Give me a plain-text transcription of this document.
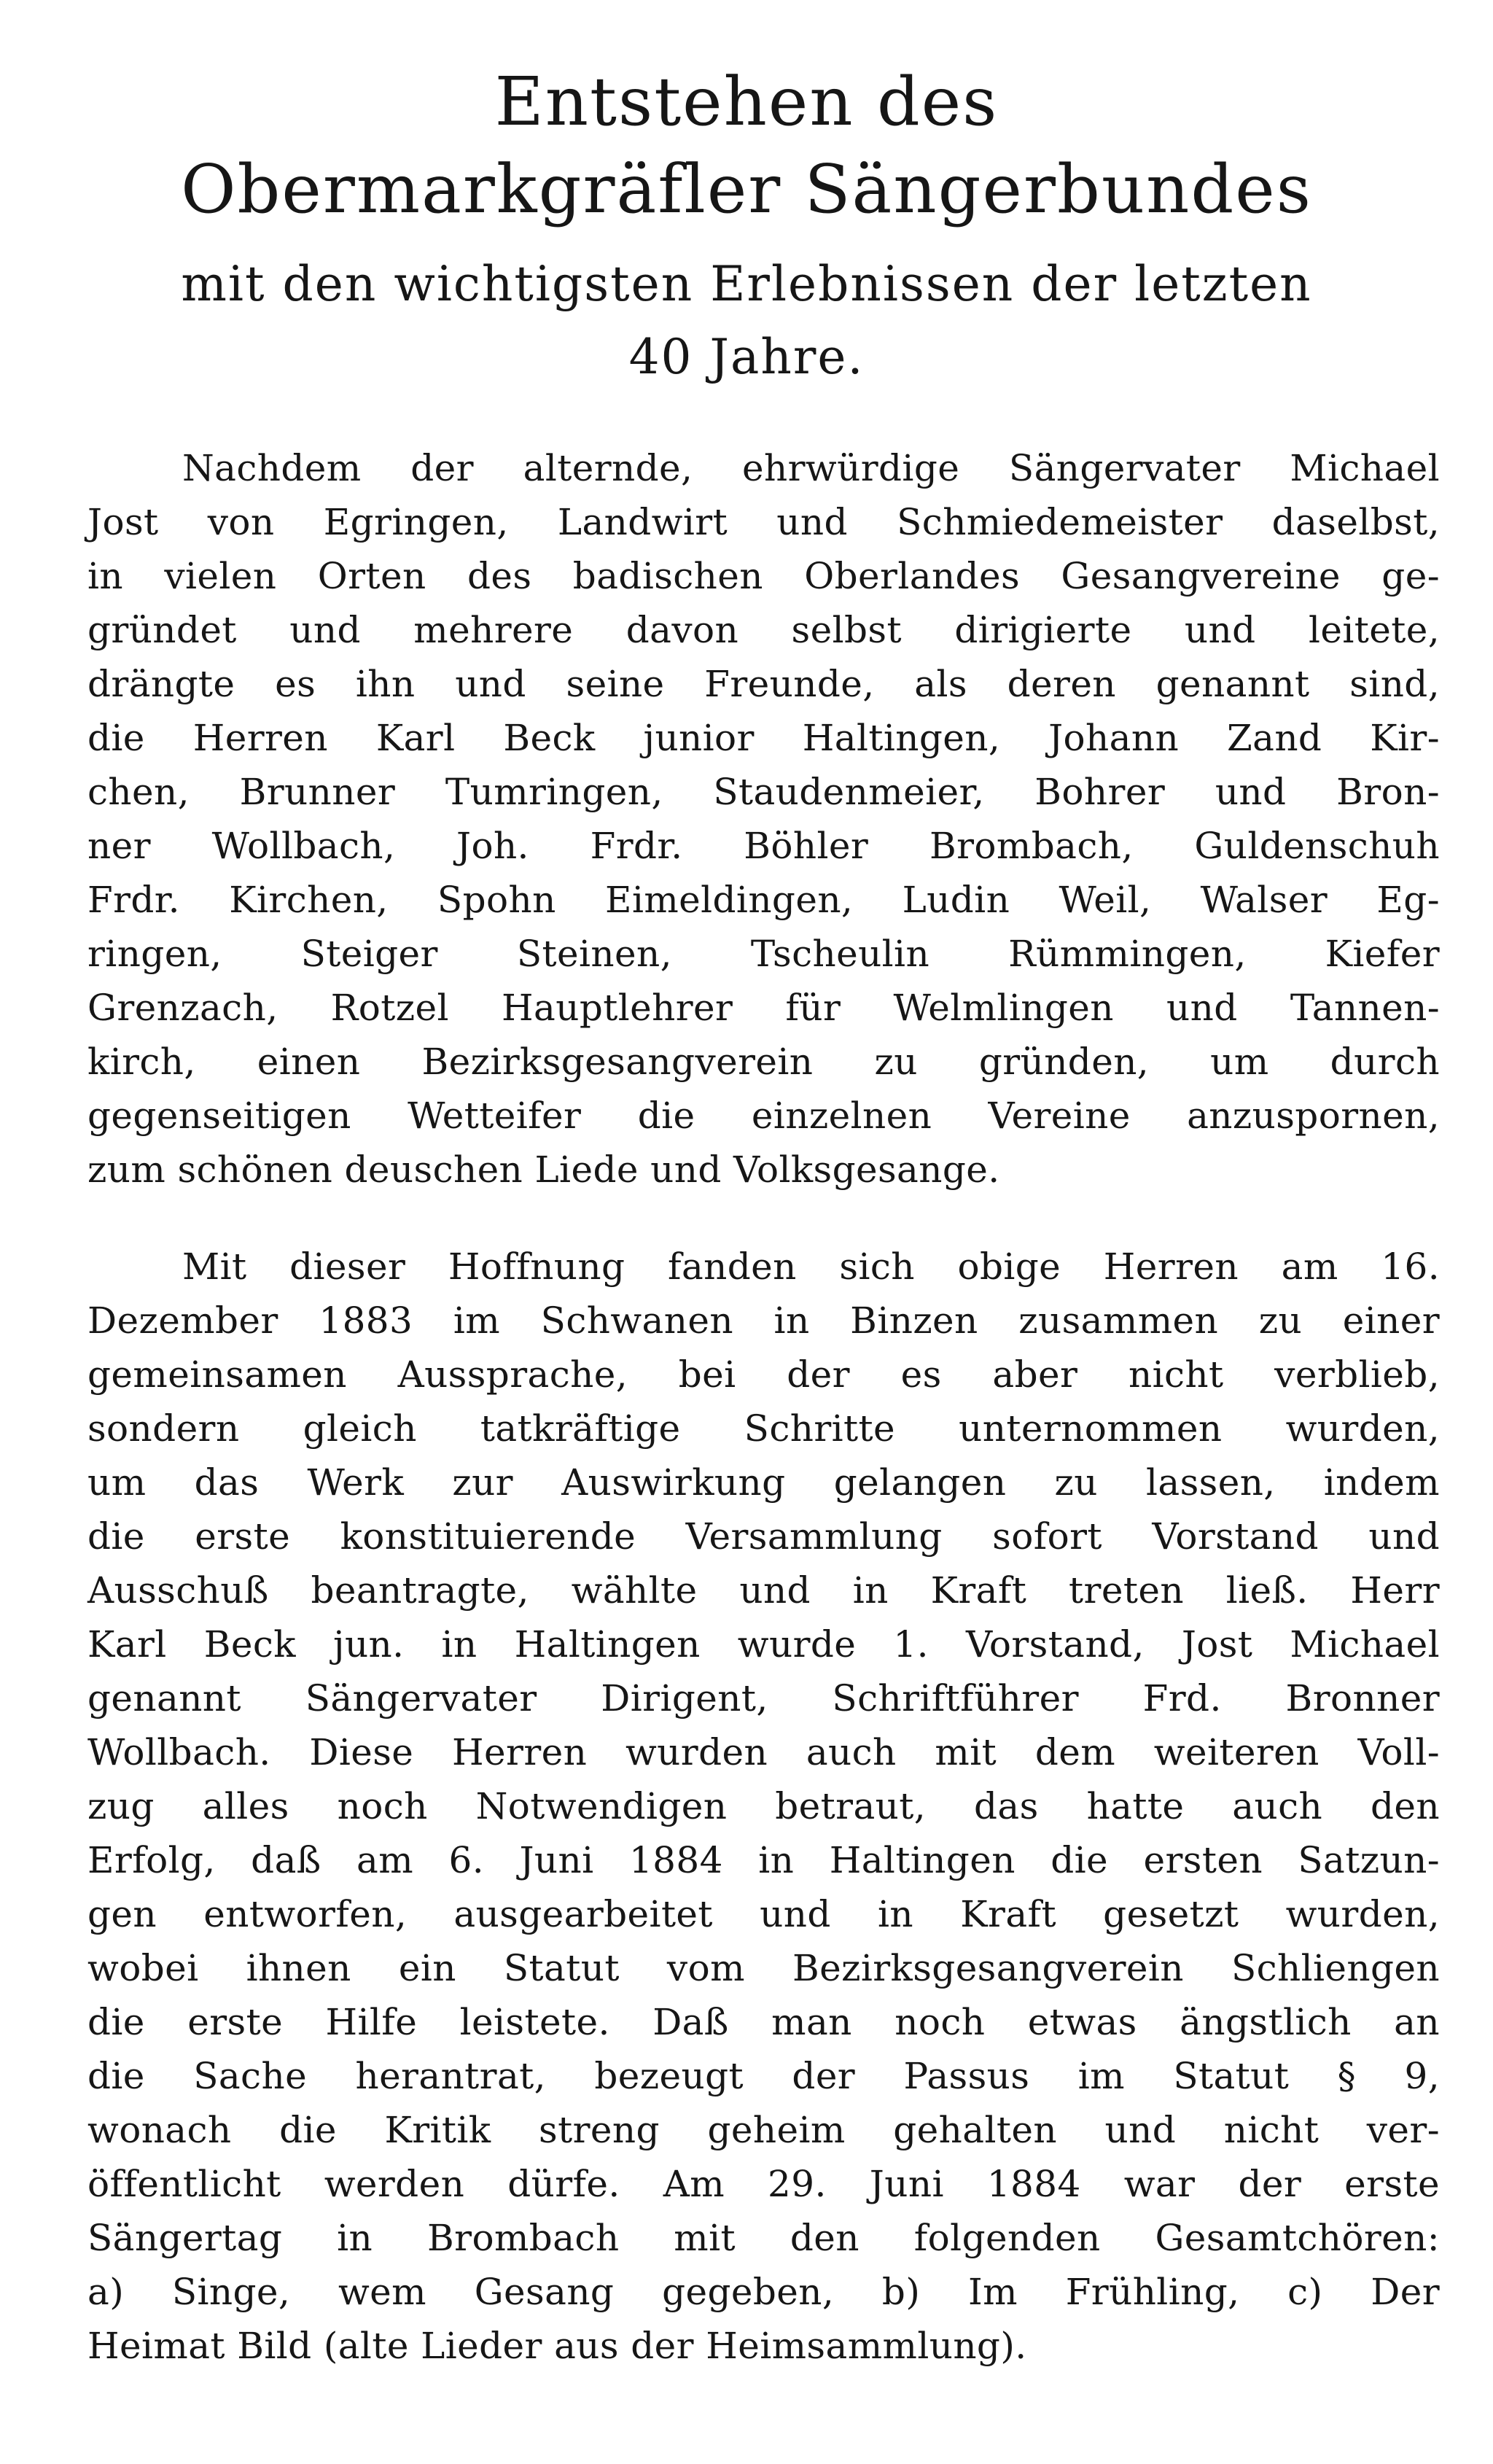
Entstehen des
Obermarkgräfler Sängerbundes
mit den wichtigsten Erlebnissen der letzten
40 Jahre.
Nachdem der alternde, ehrwürdige Sängervater Michael
Jost von Egringen, Landwirt und Schmiedemeister daselbst,
in vielen Orten des badischen Oberlandes Gesangvereine ge-
gründet und mehrere davon selbst dirigierte und leitete,
drängte es ihn und seine Freunde, als deren genannt sind,
die Herren Karl Beck junior Haltingen, Johann Zand Kir-
chen, Brunner Tumringen, Staudenmeier, Bohrer und Bron-
ner Wollbach, Joh. Frdr. Böhler Brombach, Guldenschuh
Frdr. Kirchen, Spohn Eimeldingen, Ludin Weil, Walser Eg-
ringen, Steiger Steinen, Tscheulin Rümmingen, Kiefer
Grenzach, Rotzel Hauptlehrer für Welmlingen und Tannen-
kirch, einen Bezirksgesangverein zu gründen, um durch
gegenseitigen Wetteifer die einzelnen Vereine anzuspornen,
zum schönen deuschen Liede und Volksgesange.
Mit dieser Hoffnung fanden sich obige Herren am 16.
Dezember 1883 im Schwanen in Binzen zusammen zu einer
gemeinsamen Aussprache, bei der es aber nicht verblieb,
sondern gleich tatkräftige Schritte unternommen wurden,
um das Werk zur Auswirkung gelangen zu lassen, indem
die erste konstituierende Versammlung sofort Vorstand und
Ausschuß beantragte, wählte und in Kraft treten ließ. Herr
Karl Beck jun. in Haltingen wurde 1. Vorstand, Jost Michael
genannt Sängervater Dirigent, Schriftführer Frd. Bronner
Wollbach. Diese Herren wurden auch mit dem weiteren Voll-
zug alles noch Notwendigen betraut, das hatte auch den
Erfolg, daß am 6. Juni 1884 in Haltingen die ersten Satzun-
gen entworfen, ausgearbeitet und in Kraft gesetzt wurden,
wobei ihnen ein Statut vom Bezirksgesangverein Schliengen
die erste Hilfe leistete. Daß man noch etwas ängstlich an
die Sache herantrat, bezeugt der Passus im Statut § 9,
wonach die Kritik streng geheim gehalten und nicht ver-
öffentlicht werden dürfe. Am 29. Juni 1884 war der erste
Sängertag in Brombach mit den folgenden Gesamtchören:
a) Singe, wem Gesang gegeben, b) Im Frühling, c) Der
Heimat Bild (alte Lieder aus der Heimsammlung).
